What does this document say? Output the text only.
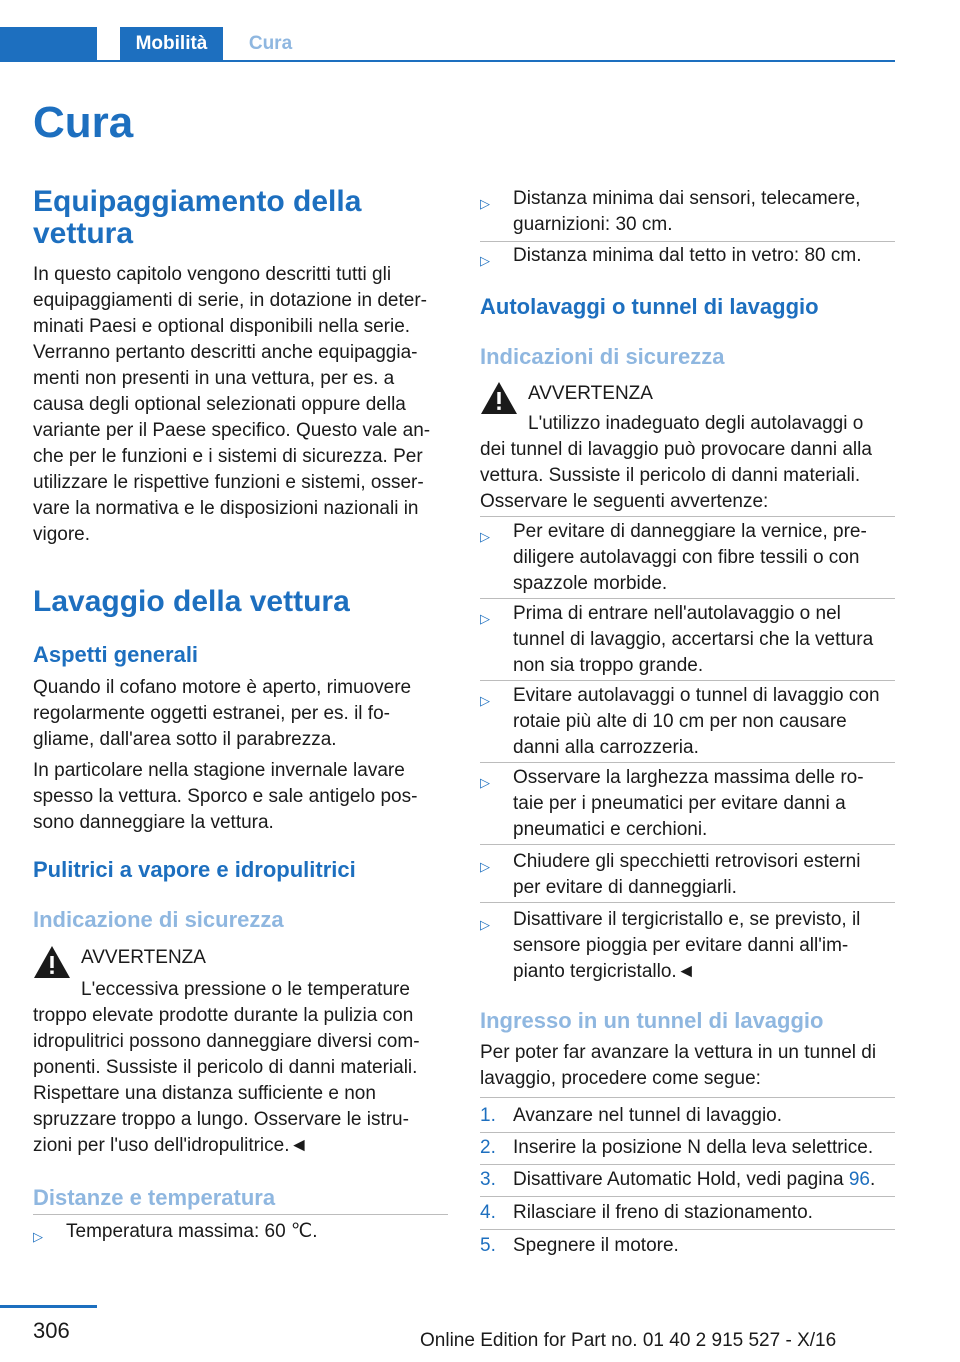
Mobilità	Cura
Cura
Equipaggiamento della
vettura
In questo capitolo vengono descritti tutti gli
equipaggiamenti di serie, in dotazione in deter‐
minati Paesi e optional disponibili nella serie.
Verranno pertanto descritti anche equipaggia‐
menti non presenti in una vettura, per es. a
causa degli optional selezionati oppure della
variante per il Paese specifico. Questo vale an‐
che per le funzioni e i sistemi di sicurezza. Per
utilizzare le rispettive funzioni e sistemi, osser‐
vare la normativa e le disposizioni nazionali in
vigore.
Lavaggio della vettura
Aspetti generali
Quando il cofano motore è aperto, rimuovere
regolarmente oggetti estranei, per es. il fo‐
gliame, dall'area sotto il parabrezza.
In particolare nella stagione invernale lavare
spesso la vettura. Sporco e sale antigelo pos‐
sono danneggiare la vettura.
Pulitrici a vapore e idropulitrici
Indicazione di sicurezza
AVVERTENZA
L'eccessiva pressione o le temperature
troppo elevate prodotte durante la pulizia con
idropulitrici possono danneggiare diversi com‐
ponenti. Sussiste il pericolo di danni materiali.
Rispettare una distanza sufficiente e non
spruzzare troppo a lungo. Osservare le istru‐
zioni per l'uso dell'idropulitrice.◄
Distanze e temperatura
▷ Temperatura massima: 60 ℃.
▷ Distanza minima dai sensori, telecamere,
guarnizioni: 30 cm.
▷ Distanza minima dal tetto in vetro: 80 cm.
Autolavaggi o tunnel di lavaggio
Indicazioni di sicurezza
AVVERTENZA
L'utilizzo inadeguato degli autolavaggi o
dei tunnel di lavaggio può provocare danni alla
vettura. Sussiste il pericolo di danni materiali.
Osservare le seguenti avvertenze:
▷ Per evitare di danneggiare la vernice, pre‐
diligere autolavaggi con fibre tessili o con
spazzole morbide.
▷ Prima di entrare nell'autolavaggio o nel
tunnel di lavaggio, accertarsi che la vettura
non sia troppo grande.
▷ Evitare autolavaggi o tunnel di lavaggio con
rotaie più alte di 10 cm per non causare
danni alla carrozzeria.
▷ Osservare la larghezza massima delle ro‐
taie per i pneumatici per evitare danni a
pneumatici e cerchioni.
▷ Chiudere gli specchietti retrovisori esterni
per evitare di danneggiarli.
▷ Disattivare il tergicristallo e, se previsto, il
sensore pioggia per evitare danni all'im‐
pianto tergicristallo.◄
Ingresso in un tunnel di lavaggio
Per poter far avanzare la vettura in un tunnel di
lavaggio, procedere come segue:
1. Avanzare nel tunnel di lavaggio.
2. Inserire la posizione N della leva selettrice.
3. Disattivare Automatic Hold, vedi pagina 96.
4. Rilasciare il freno di stazionamento.
5. Spegnere il motore.
306	Online Edition for Part no. 01 40 2 915 527 - X/16
